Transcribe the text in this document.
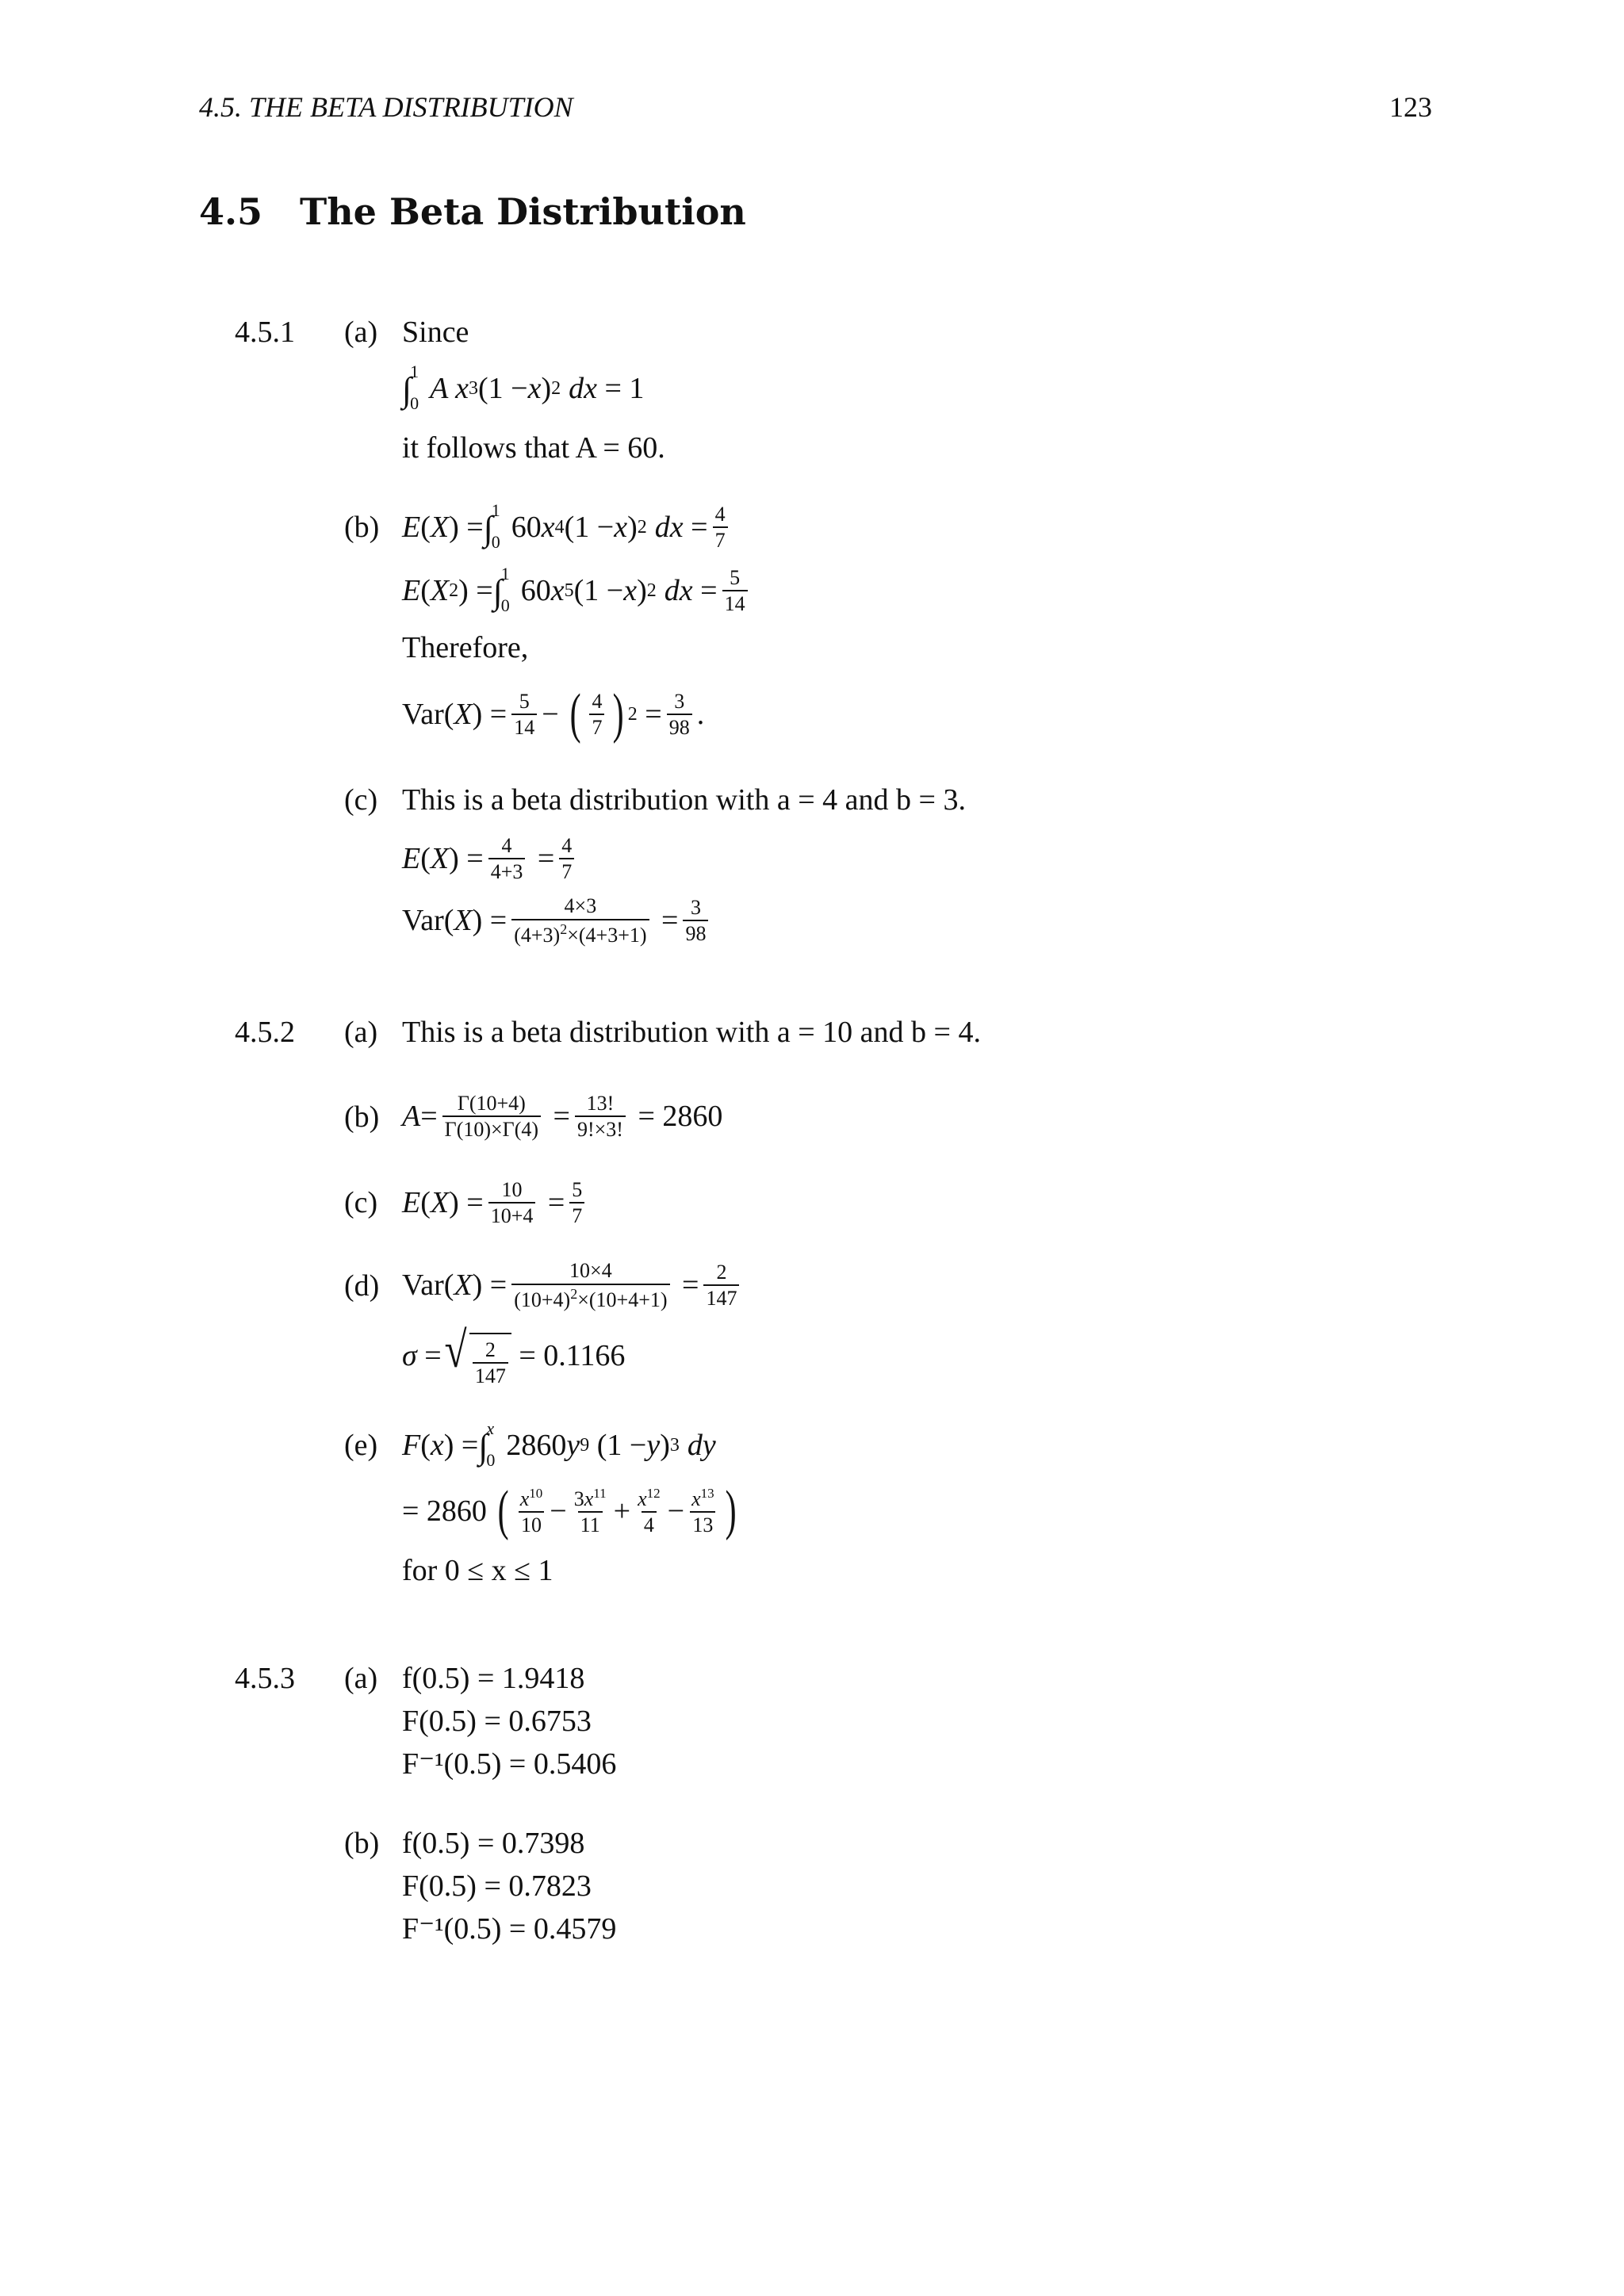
4.5. THE BETA DISTRIBUTION	123
4.5 The Beta Distribution
4.5.1 (a) Since
∫
1
0 A x 3 (1 − x ) 2 dx = 1
it follows that A = 60.
(b) E ( X ) = ∫
1
0 60 x 4 (1 − x ) 2 dx = $\frac{4}{7}$
E ( X 2 ) = ∫
1
0 60 x 5 (1 − x ) 2 dx = $\frac{5}{14}$
Therefore,
Var( X ) = $\frac{5}{14}$ − ( $\frac{4}{7}$ ) $2 = \frac{3}{98}$ .
(c) This is a beta distribution with a = 4 and b = 3.
E ( X ) = $\frac{4}{4+3} = \frac{4}{7}$
Var( X ) = $\frac{4\times 3}{(4+3)^2\times(4+3+1)} = \frac{3}{98}$
4.5.2 (a) This is a beta distribution with a = 10 and b = 4.
(b) $A = \frac{\Gamma(10+4)}{\Gamma(10)\times\Gamma(4)} = \frac{13!}{9!\times 3!} = 2860$
(c) E ( X ) = $\frac{10}{10+4} = \frac{5}{7}$
(d) Var( X ) = $\frac{10\times 4}{(10+4)^2\times(10+4+1)} = \frac{2}{147}$
σ = √ $\frac{2}{147} = 0.1166$
(e) F ( x ) = ∫
x
0 2860 y 9 (1 − y ) 3 dy
= 2860 ( $\frac{x^{10}}{10} - \frac{3x^{11}}{11} + \frac{x^{12}}{4} - \frac{x^{13}}{13}$ )
for 0 ≤ x ≤ 1
4.5.3 (a) f(0.5) = 1.9418
F(0.5) = 0.6753
F⁻¹(0.5) = 0.5406
(b) f(0.5) = 0.7398
F(0.5) = 0.7823
F⁻¹(0.5) = 0.4579
